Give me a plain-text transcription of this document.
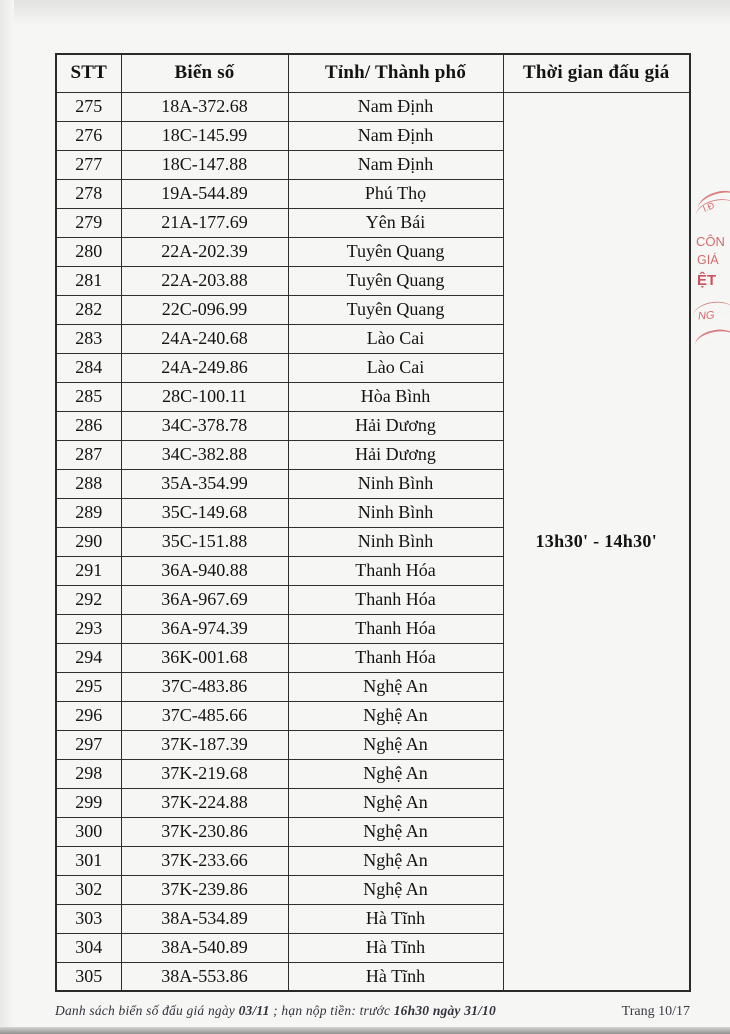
STT	Biển số	Tỉnh/ Thành phố	Thời gian đấu giá
275	18A-372.68	Nam Định	13h30' - 14h30'
276	18C-145.99	Nam Định	
277	18C-147.88	Nam Định	
278	19A-544.89	Phú Thọ	
279	21A-177.69	Yên Bái	
280	22A-202.39	Tuyên Quang	
281	22A-203.88	Tuyên Quang	
282	22C-096.99	Tuyên Quang	
283	24A-240.68	Lào Cai	
284	24A-249.86	Lào Cai	
285	28C-100.11	Hòa Bình	
286	34C-378.78	Hải Dương	
287	34C-382.88	Hải Dương	
288	35A-354.99	Ninh Bình	
289	35C-149.68	Ninh Bình	
290	35C-151.88	Ninh Bình	
291	36A-940.88	Thanh Hóa	
292	36A-967.69	Thanh Hóa	
293	36A-974.39	Thanh Hóa	
294	36K-001.68	Thanh Hóa	
295	37C-483.86	Nghệ An	
296	37C-485.66	Nghệ An	
297	37K-187.39	Nghệ An	
298	37K-219.68	Nghệ An	
299	37K-224.88	Nghệ An	
300	37K-230.86	Nghệ An	
301	37K-233.66	Nghệ An	
302	37K-239.86	Nghệ An	
303	38A-534.89	Hà Tĩnh	
304	38A-540.89	Hà Tĩnh	
305	38A-553.86	Hà Tĩnh	
I.Đ
CÔN
GIÁ
ỆT
NG
Danh sách biển số đấu giá ngày 03/11 ; hạn nộp tiền: trước 16h30 ngày 31/10	Trang 10/17
